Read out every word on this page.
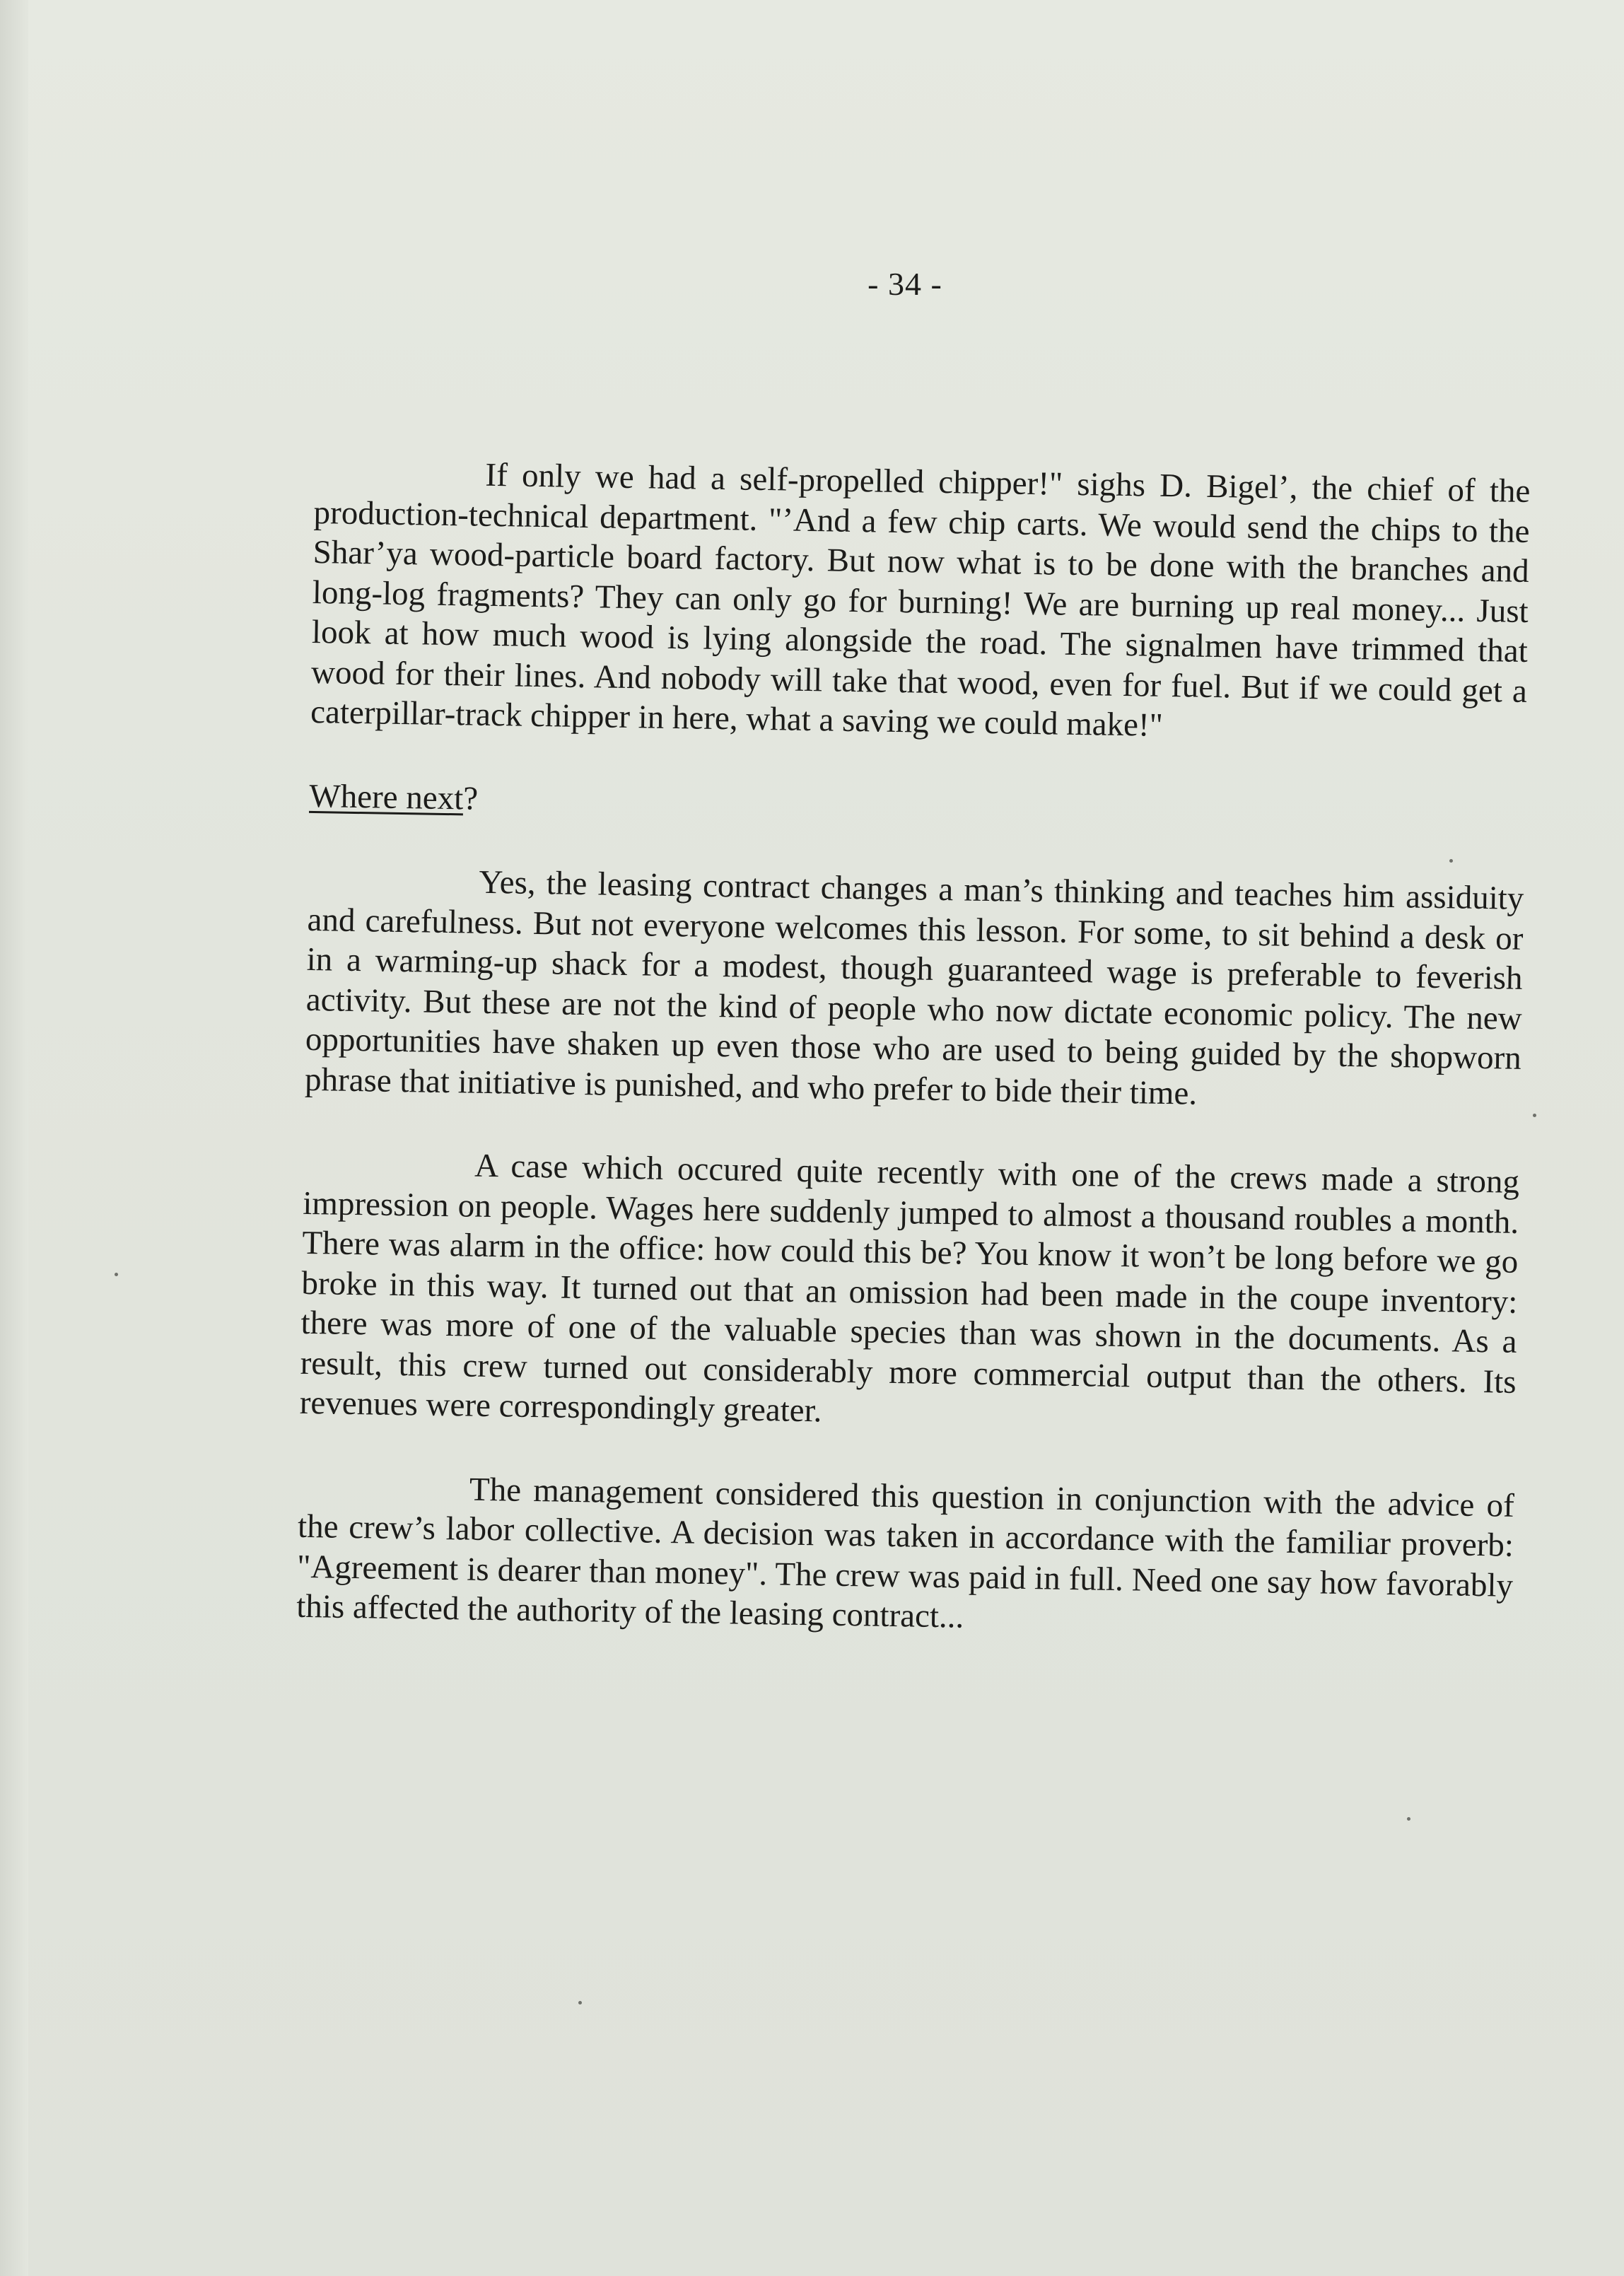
- 34 -

If only we had a self-propelled chipper!" sighs D. Bigel’, the chief of the production-technical department. "’And a few chip carts. We would send the chips to the Shar’ya wood-particle board factory. But now what is to be done with the branches and long-log fragments? They can only go for burning! We are burning up real money... Just look at how much wood is lying alongside the road. The signalmen have trimmed that wood for their lines. And nobody will take that wood, even for fuel. But if we could get a caterpillar-track chipper in here, what a saving we could make!"

Where next?

Yes, the leasing contract changes a man’s thinking and teaches him assiduity and carefulness. But not everyone welcomes this lesson. For some, to sit behind a desk or in a warming-up shack for a modest, though guaranteed wage is preferable to feverish activity. But these are not the kind of people who now dictate economic policy. The new opportunities have shaken up even those who are used to being guided by the shopworn phrase that initiative is punished, and who prefer to bide their time.

A case which occured quite recently with one of the crews made a strong impression on people. Wages here suddenly jumped to almost a thousand roubles a month. There was alarm in the office: how could this be? You know it won’t be long before we go broke in this way. It turned out that an omission had been made in the coupe inventory: there was more of one of the valuable species than was shown in the documents. As a result, this crew turned out considerably more commercial output than the others. Its revenues were correspondingly greater.

The management considered this question in conjunction with the advice of the crew’s labor collective. A decision was taken in accordance with the familiar proverb: "Agreement is dearer than money". The crew was paid in full. Need one say how favorably this affected the authority of the leasing contract...
